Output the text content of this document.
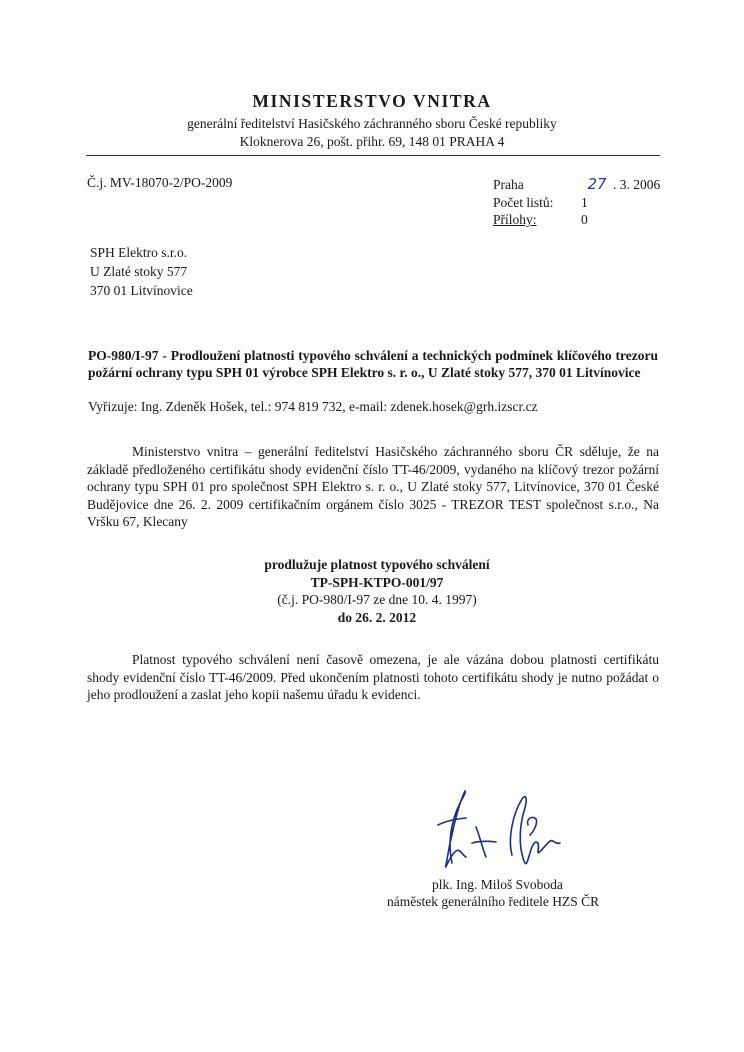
MINISTERSTVO VNITRA
generální ředitelství Hasičského záchranného sboru České republiky
Kloknerova 26, pošt. přihr. 69, 148 01 PRAHA 4
Č.j. MV-18070-2/PO-2009	Praha	27 . 3. 2006
Počet listů: 1
Přílohy:	0
SPH Elektro s.r.o.
U Zlaté stoky 577
370 01 Litvínovice
PO-980/I-97 - Prodloužení platnosti typového schválení a technických podmínek klíčového trezoru požární ochrany typu SPH 01 výrobce SPH Elektro s. r. o., U Zlaté stoky 577, 370 01 Litvínovice
Vyřizuje: Ing. Zdeněk Hošek, tel.: 974 819 732, e-mail: zdenek.hosek@grh.izscr.cz
Ministerstvo vnitra – generální ředitelství Hasičského záchranného sboru ČR sděluje, že na základě předloženého certifikátu shody evidenční číslo TT-46/2009, vydaného na klíčový trezor požární ochrany typu SPH 01 pro společnost SPH Elektro s. r. o., U Zlaté stoky 577, Litvínovice, 370 01 České Budějovice dne 26. 2. 2009 certifikačním orgánem číslo 3025 - TREZOR TEST společnost s.r.o., Na Vršku 67, Klecany
prodlužuje platnost typového schválení
TP-SPH-KTPO-001/97
(č.j. PO-980/I-97 ze dne 10. 4. 1997)
do 26. 2. 2012
Platnost typového schválení není časově omezena, je ale vázána dobou platnosti certifikátu shody evidenční číslo TT-46/2009. Před ukončením platnosti tohoto certifikátu shody je nutno požádat o jeho prodloužení a zaslat jeho kopii našemu úřadu k evidenci.
plk. Ing. Miloš Svoboda
náměstek generálního ředitele HZS ČR
